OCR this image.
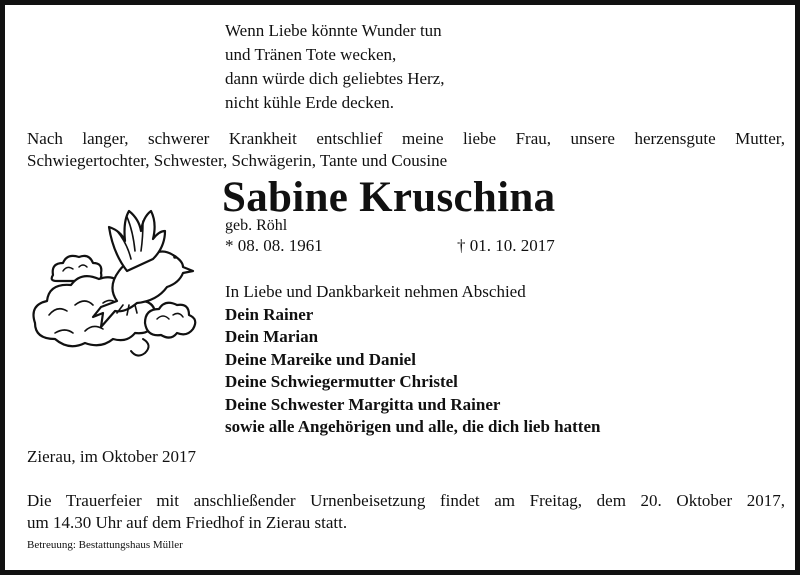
Wenn Liebe könnte Wunder tun
und Tränen Tote wecken,
dann würde dich geliebtes Herz,
nicht kühle Erde decken.
Nach langer, schwerer Krankheit entschlief meine liebe Frau, unsere herzensgute Mutter,
Schwiegertochter, Schwester, Schwägerin, Tante und Cousine
Sabine Kruschina
geb. Röhl
* 08. 08. 1961	† 01. 10. 2017
In Liebe und Dankbarkeit nehmen Abschied
Dein Rainer
Dein Marian
Deine Mareike und Daniel
Deine Schwiegermutter Christel
Deine Schwester Margitta und Rainer
sowie alle Angehörigen und alle, die dich lieb hatten
Zierau, im Oktober 2017
Die Trauerfeier mit anschließender Urnenbeisetzung findet am Freitag, dem 20. Oktober 2017,
um 14.30 Uhr auf dem Friedhof in Zierau statt.
Betreuung: Bestattungshaus Müller
